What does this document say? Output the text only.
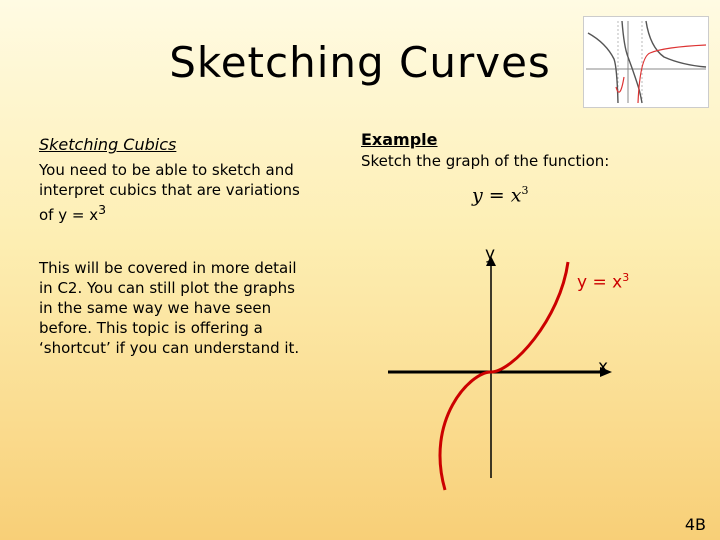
Sketching Curves
Sketching Cubics
You need to be able to sketch and interpret cubics that are variations of $y = x^3$
This will be covered in more detail in C2. You can still plot the graphs in the same way we have seen before. This topic is offering a ‘shortcut’ if you can understand it.
Example
Sketch the graph of the function:
$y = x^3$
y
x
$y = x^3$
4B
